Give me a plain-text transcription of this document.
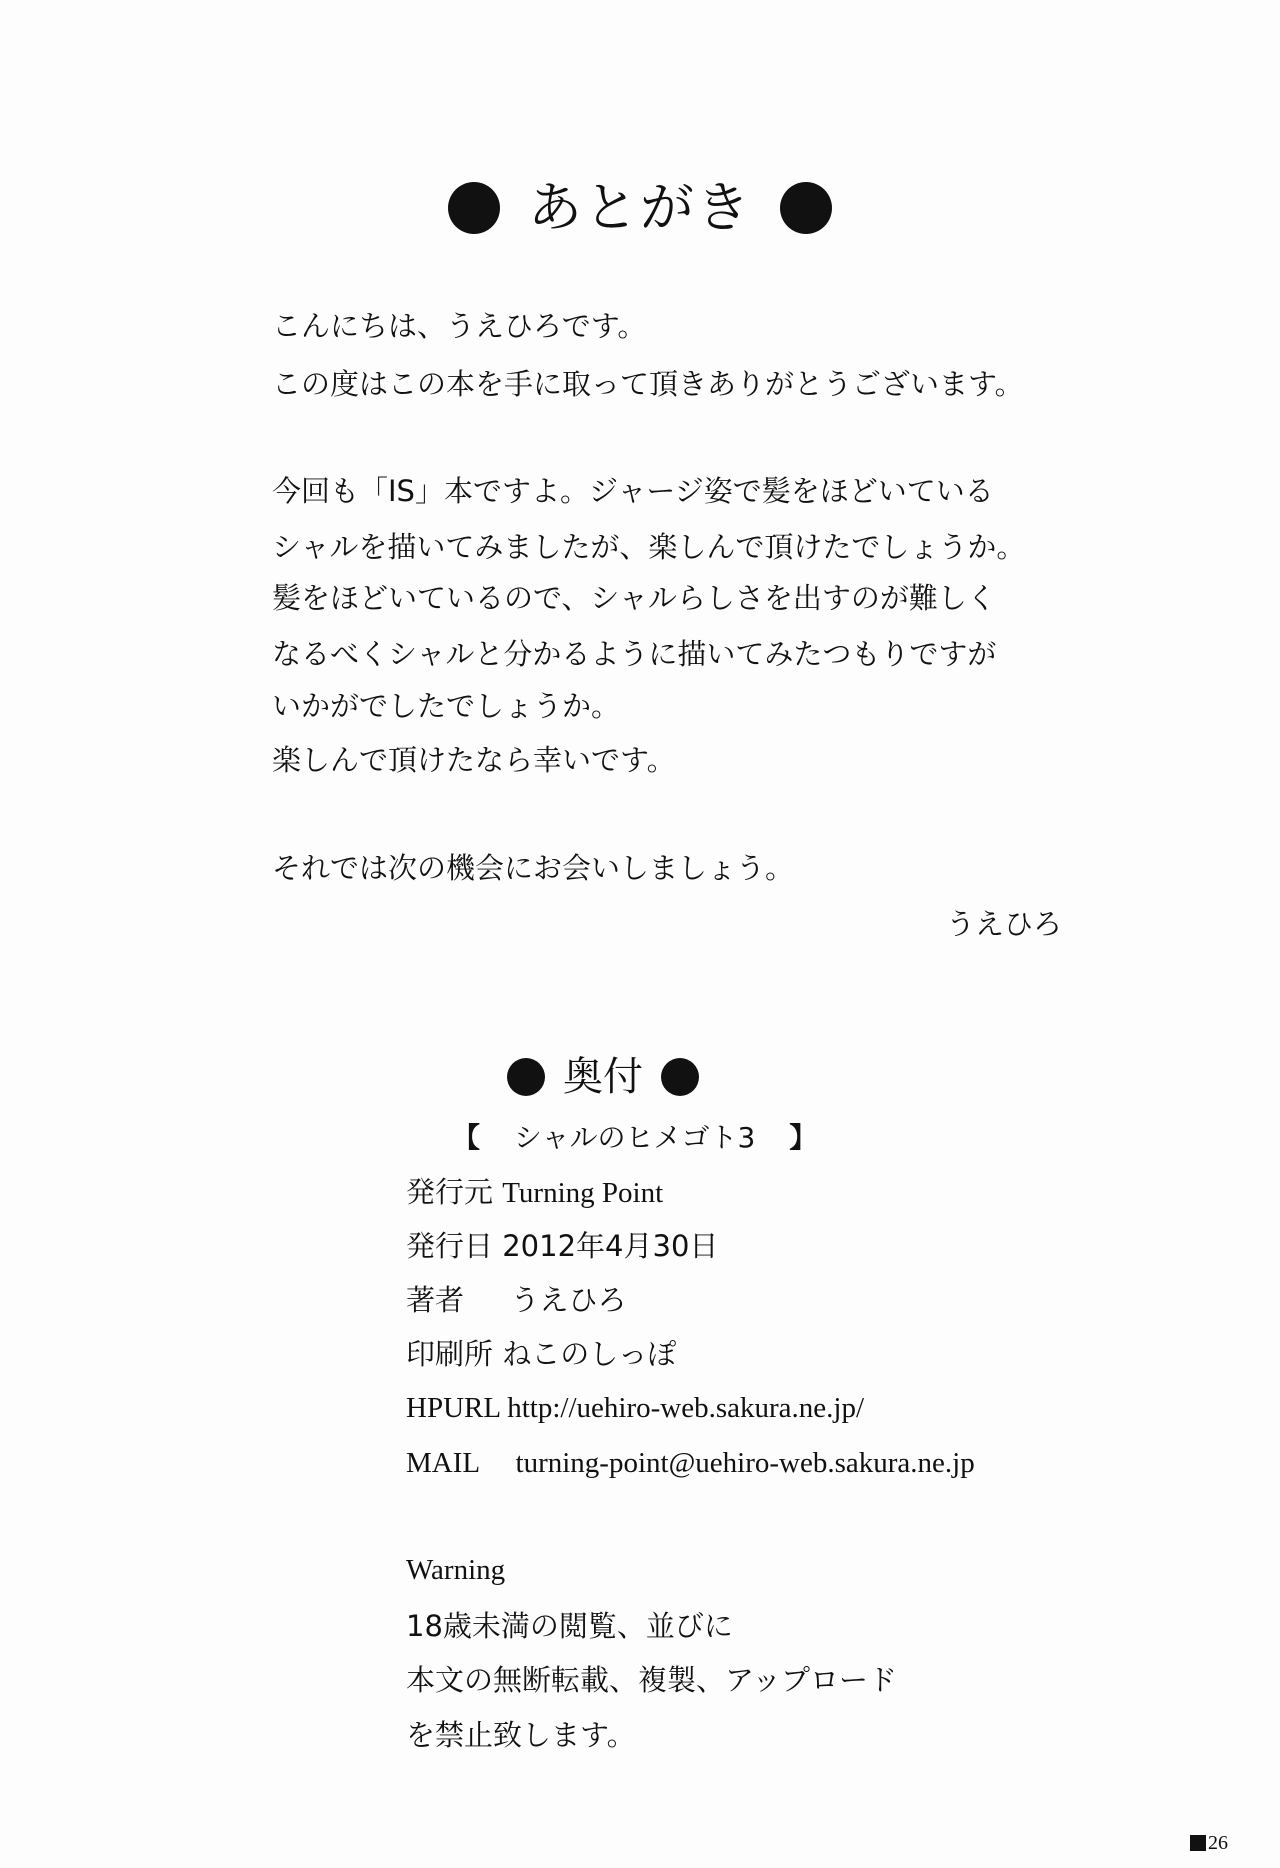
あとがき
こんにちは、うえひろです。
この度はこの本を手に取って頂きありがとうございます。
今回も「IS」本ですよ。ジャージ姿で髪をほどいている
シャルを描いてみましたが、楽しんで頂けたでしょうか。
髪をほどいているので、シャルらしさを出すのが難しく
なるべくシャルと分かるように描いてみたつもりですが
いかがでしたでしょうか。
楽しんで頂けたなら幸いです。
それでは次の機会にお会いしましょう。
うえひろ
奥付
【 シャルのヒメゴト3 】
発行元 Turning Point
発行日 2012年4月30日
著者 うえひろ
印刷所 ねこのしっぽ
HPURL http://uehiro-web.sakura.ne.jp/
MAIL turning-point@uehiro-web.sakura.ne.jp
Warning
18歳未満の閲覧、並びに
本文の無断転載、複製、アップロード
を禁止致します。
26
